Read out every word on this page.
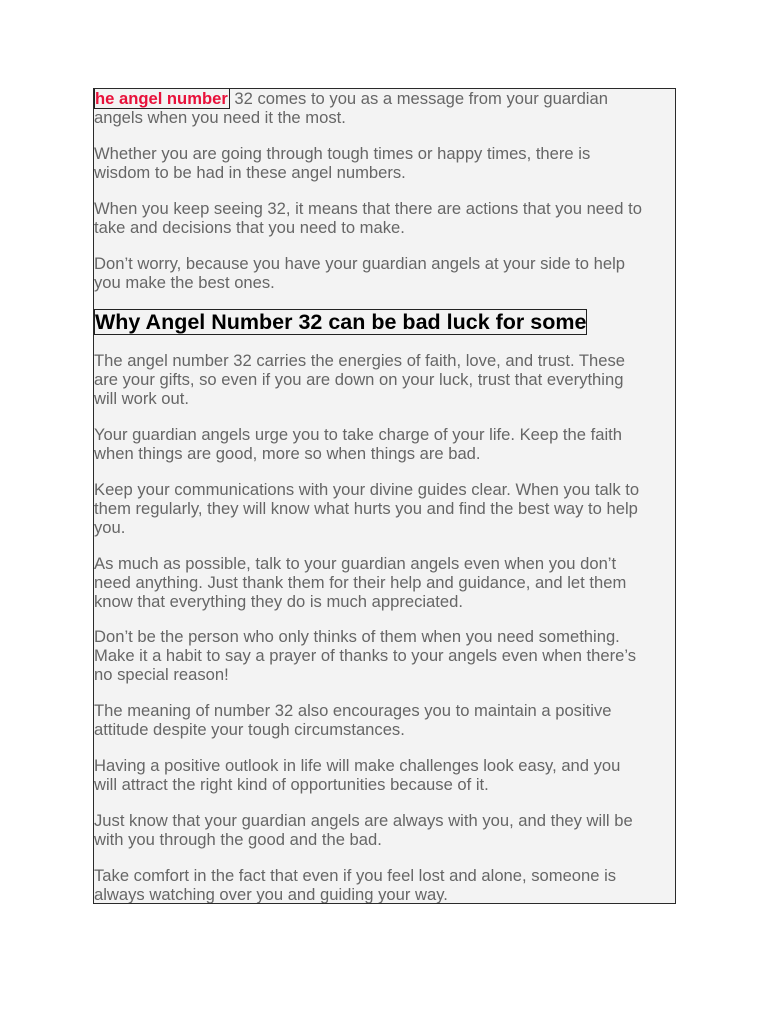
he angel number 32 comes to you as a message from your guardian
angels when you need it the most.

Whether you are going through tough times or happy times, there is
wisdom to be had in these angel numbers.

When you keep seeing 32, it means that there are actions that you need to
take and decisions that you need to make.

Don’t worry, because you have your guardian angels at your side to help
you make the best ones.

Why Angel Number 32 can be bad luck for some

The angel number 32 carries the energies of faith, love, and trust. These
are your gifts, so even if you are down on your luck, trust that everything
will work out.

Your guardian angels urge you to take charge of your life. Keep the faith
when things are good, more so when things are bad.

Keep your communications with your divine guides clear. When you talk to
them regularly, they will know what hurts you and find the best way to help
you.

As much as possible, talk to your guardian angels even when you don’t
need anything. Just thank them for their help and guidance, and let them
know that everything they do is much appreciated.

Don’t be the person who only thinks of them when you need something.
Make it a habit to say a prayer of thanks to your angels even when there’s
no special reason!

The meaning of number 32 also encourages you to maintain a positive
attitude despite your tough circumstances.

Having a positive outlook in life will make challenges look easy, and you
will attract the right kind of opportunities because of it.

Just know that your guardian angels are always with you, and they will be
with you through the good and the bad.

Take comfort in the fact that even if you feel lost and alone, someone is
always watching over you and guiding your way.
